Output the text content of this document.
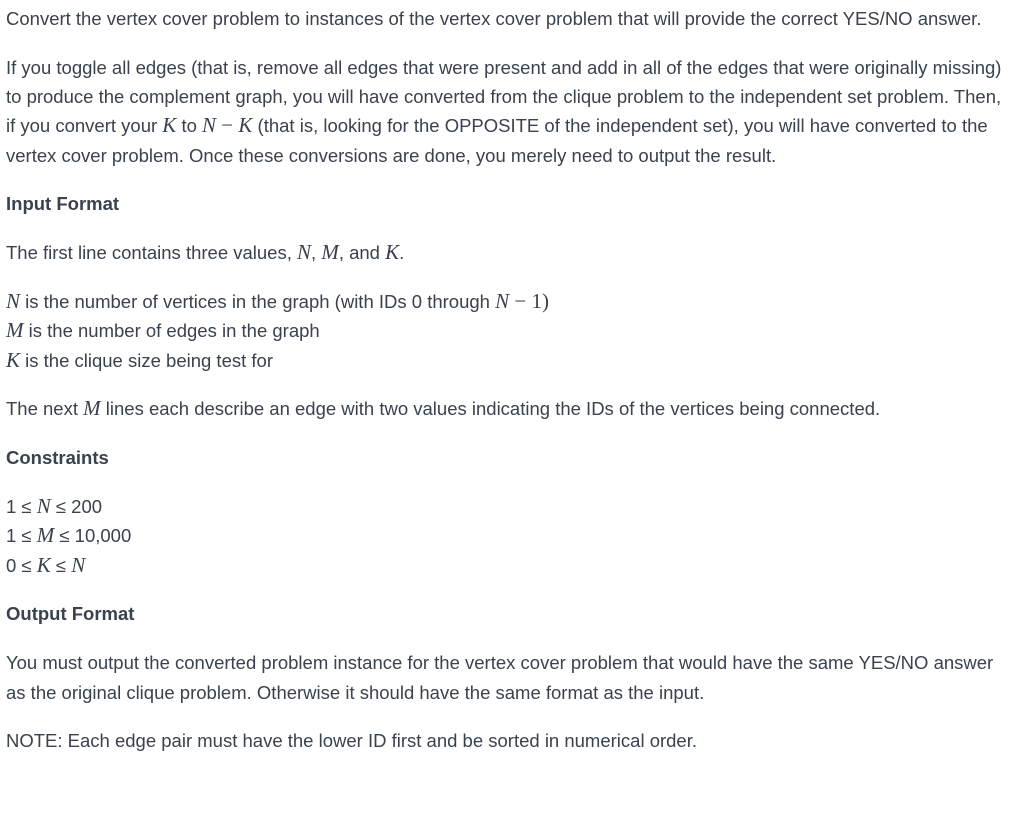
Convert the vertex cover problem to instances of the vertex cover problem that will provide the correct YES/NO answer.

If you toggle all edges (that is, remove all edges that were present and add in all of the edges that were originally missing) to produce the complement graph, you will have converted from the clique problem to the independent set problem. Then, if you convert your K to N − K (that is, looking for the OPPOSITE of the independent set), you will have converted to the vertex cover problem. Once these conversions are done, you merely need to output the result.

Input Format

The first line contains three values, N, M, and K.

N is the number of vertices in the graph (with IDs 0 through N − 1)
M is the number of edges in the graph
K is the clique size being test for

The next M lines each describe an edge with two values indicating the IDs of the vertices being connected.

Constraints
1 ≤ N ≤ 200
1 ≤ M ≤ 10,000
0 ≤ K ≤ N
Output Format

You must output the converted problem instance for the vertex cover problem that would have the same YES/NO answer as the original clique problem. Otherwise it should have the same format as the input.

NOTE: Each edge pair must have the lower ID first and be sorted in numerical order.
